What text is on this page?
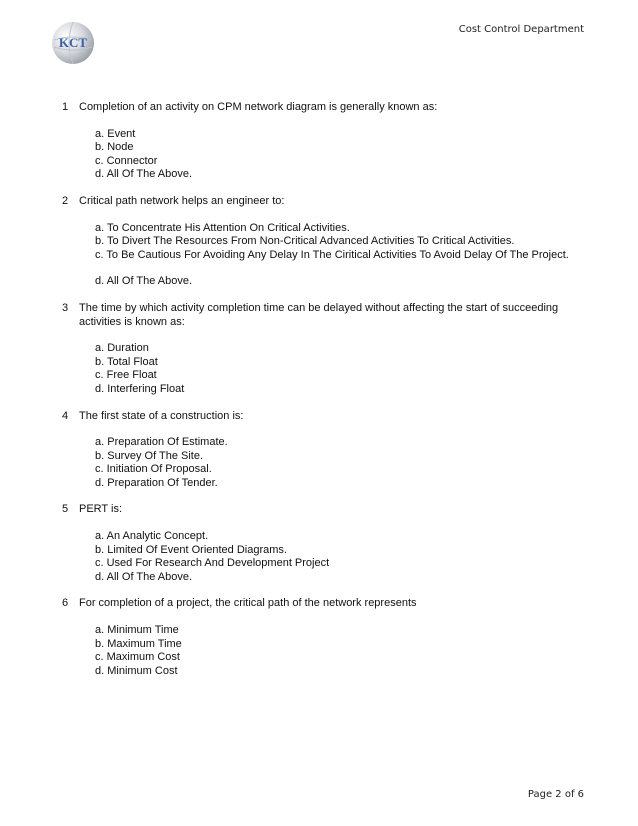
KCT
Cost Control Department
1 Completion of an activity on CPM network diagram is generally known as:
a. Event
b. Node
c. Connector
d. All Of The Above.
2 Critical path network helps an engineer to:
a. To Concentrate His Attention On Critical Activities.
b. To Divert The Resources From Non-Critical Advanced Activities To Critical Activities.
c. To Be Cautious For Avoiding Any Delay In The Ciritical Activities To Avoid Delay Of The Project.
d. All Of The Above.
3 The time by which activity completion time can be delayed without affecting the start of succeeding activities is known as:
a. Duration
b. Total Float
c. Free Float
d. Interfering Float
4 The first state of a construction is:
a. Preparation Of Estimate.
b. Survey Of The Site.
c. Initiation Of Proposal.
d. Preparation Of Tender.
5 PERT is:
a. An Analytic Concept.
b. Limited Of Event Oriented Diagrams.
c. Used For Research And Development Project
d. All Of The Above.
6 For completion of a project, the critical path of the network represents
a. Minimum Time
b. Maximum Time
c. Maximum Cost
d. Minimum Cost
Page 2 of 6
